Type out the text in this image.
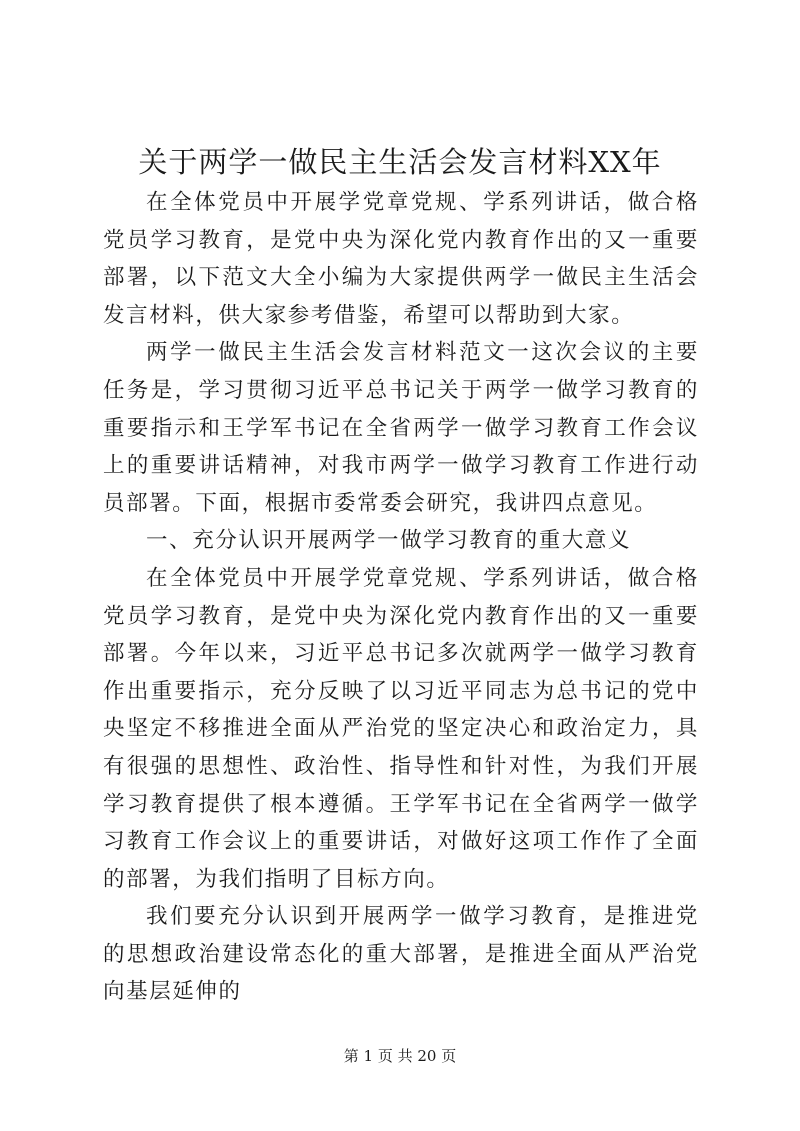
关于两学一做民主生活会发言材料XX年

在全体党员中开展学党章党规、学系列讲话，做合格党员学习教育，是党中央为深化党内教育作出的又一重要部署，以下范文大全小编为大家提供两学一做民主生活会发言材料，供大家参考借鉴，希望可以帮助到大家。

两学一做民主生活会发言材料范文一这次会议的主要任务是，学习贯彻习近平总书记关于两学一做学习教育的重要指示和王学军书记在全省两学一做学习教育工作会议上的重要讲话精神，对我市两学一做学习教育工作进行动员部署。下面，根据市委常委会研究，我讲四点意见。

一、充分认识开展两学一做学习教育的重大意义

在全体党员中开展学党章党规、学系列讲话，做合格党员学习教育，是党中央为深化党内教育作出的又一重要部署。今年以来，习近平总书记多次就两学一做学习教育作出重要指示，充分反映了以习近平同志为总书记的党中央坚定不移推进全面从严治党的坚定决心和政治定力，具有很强的思想性、政治性、指导性和针对性，为我们开展学习教育提供了根本遵循。王学军书记在全省两学一做学习教育工作会议上的重要讲话，对做好这项工作作了全面的部署，为我们指明了目标方向。

我们要充分认识到开展两学一做学习教育，是推进党的思想政治建设常态化的重大部署，是推进全面从严治党向基层延伸的

第 1 页 共 20 页
